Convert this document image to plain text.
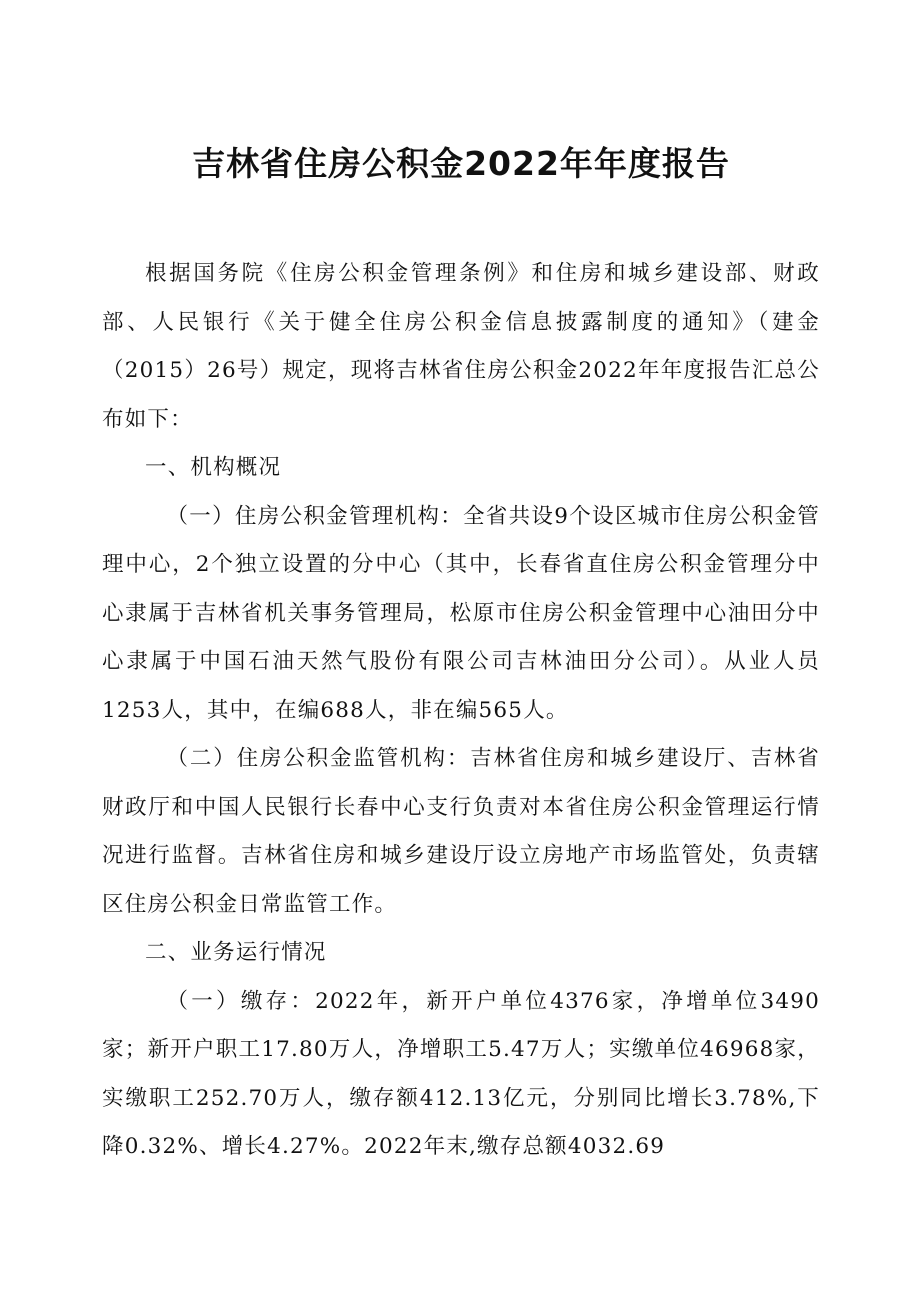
吉林省住房公积金2022年年度报告

根据国务院《住房公积金管理条例》和住房和城乡建设部、财政部、人民银行《关于健全住房公积金信息披露制度的通知》（建金（2015）26号）规定，现将吉林省住房公积金2022年年度报告汇总公布如下：

一、机构概况

（一）住房公积金管理机构：全省共设9个设区城市住房公积金管理中心，2个独立设置的分中心（其中，长春省直住房公积金管理分中心隶属于吉林省机关事务管理局，松原市住房公积金管理中心油田分中心隶属于中国石油天然气股份有限公司吉林油田分公司）。从业人员1253人，其中，在编688人，非在编565人。

（二）住房公积金监管机构：吉林省住房和城乡建设厅、吉林省财政厅和中国人民银行长春中心支行负责对本省住房公积金管理运行情况进行监督。吉林省住房和城乡建设厅设立房地产市场监管处，负责辖区住房公积金日常监管工作。

二、业务运行情况

（一）缴存：2022年，新开户单位4376家，净增单位3490家；新开户职工17.80万人，净增职工5.47万人；实缴单位46968家，实缴职工252.70万人，缴存额412.13亿元，分别同比增长3.78%,下降0.32%、增长4.27%。2022年末,缴存总额4032.69
